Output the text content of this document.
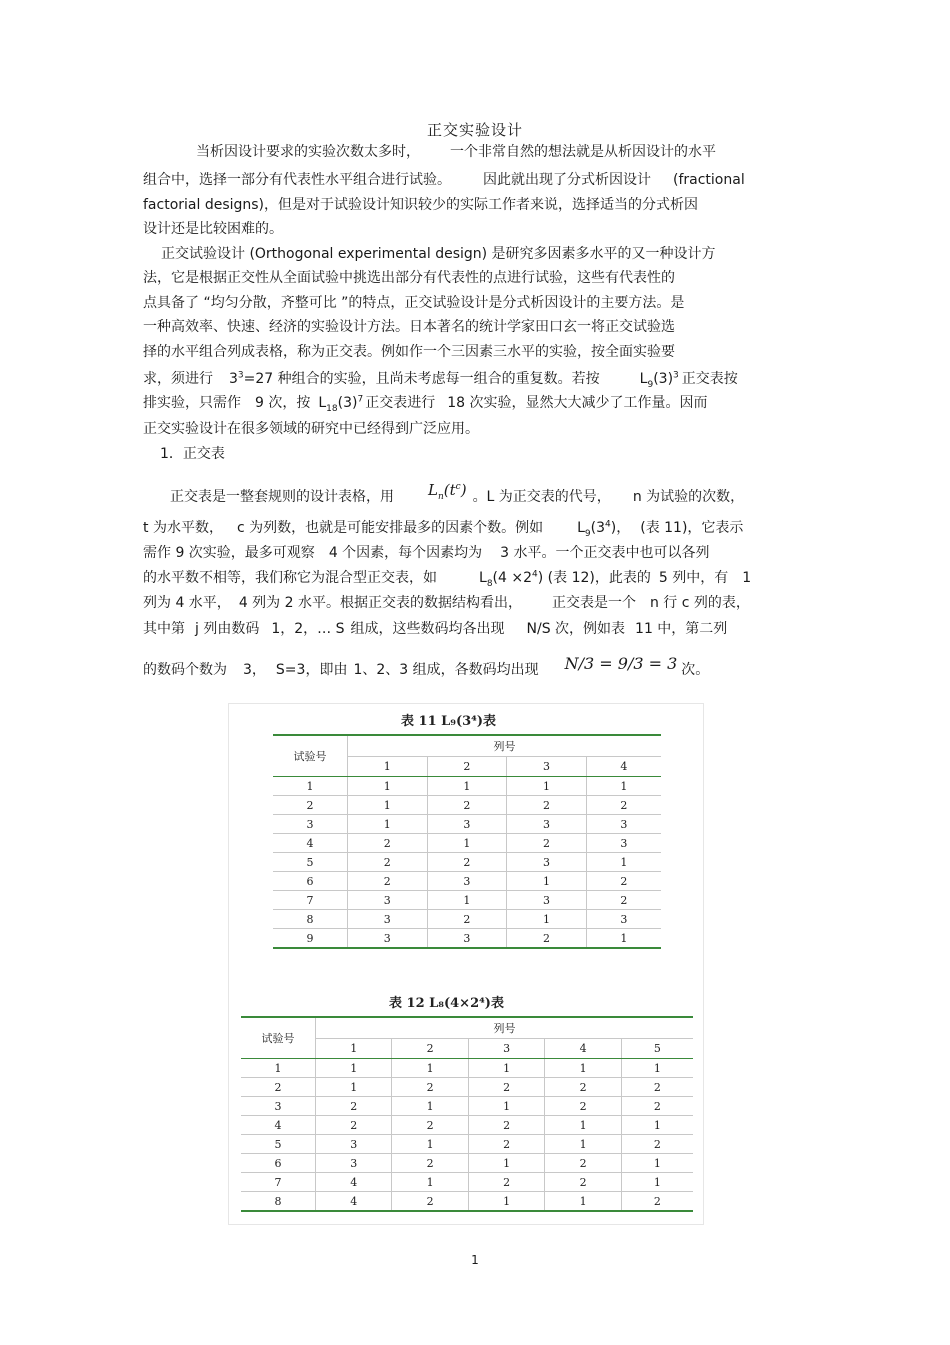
正交实验设计
当析因设计要求的实验次数太多时， 一个非常自然的想法就是从析因设计的水平
组合中，选择一部分有代表性水平组合进行试验。 因此就出现了分式析因设计 (fractional
factorial designs)，但是对于试验设计知识较少的实际工作者来说，选择适当的分式析因
设计还是比较困难的。
正交试验设计 (Orthogonal experimental design) 是研究多因素多水平的又一种设计方
法，它是根据正交性从全面试验中挑选出部分有代表性的点进行试验，这些有代表性的
点具备了 “均匀分散，齐整可比 ”的特点，正交试验设计是分式析因设计的主要方法。是
一种高效率、快速、经济的实验设计方法。日本著名的统计学家田口玄一将正交试验选
择的水平组合列成表格，称为正交表。例如作一个三因素三水平的实验，按全面实验要
求，须进行 $3^3=27$ 种组合的实验，且尚未考虑每一组合的重复数。若按	$L_9(3)^3$ 正交表按
排实验，只需作 9 次，按 $L_{18}(3)^7$ 正交表进行 18 次实验，显然大大减少了工作量。因而
正交实验设计在很多领域的研究中已经得到广泛应用。
1．正交表
正交表是一整套规则的设计表格，用 $L_n(t^c)$ 。L 为正交表的代号， n 为试验的次数，
t 为水平数， c 为列数，也就是可能安排最多的因素个数。例如 $L_9(3^4)$， (表 11)，它表示
需作 9 次实验，最多可观察 4 个因素，每个因素均为 3 水平。一个正交表中也可以各列
的水平数不相等，我们称它为混合型正交表，如	$L_8(4 \times 2^4)$ (表 12)，此表的 5 列中，有 1
列为 4 水平， 4 列为 2 水平。根据正交表的数据结构看出， 正交表是一个 n 行 c 列的表，
其中第 j 列由数码 1，2，… S 组成，这些数码均各出现 N/S 次，例如表 11 中，第二列
的数码个数为 3， S=3，即由 1、2、3 组成，各数码均出现 N/3 = 9/3 = 3 次。
表 11 L₉(3⁴)表
试验号	列号			
	1	2	3	4
1	1	1	1	1
2	1	2	2	2
3	1	3	3	3
4	2	1	2	3
5	2	2	3	1
6	2	3	1	2
7	3	1	3	2
8	3	2	1	3
9	3	3	2	1
表 12 L₈(4×2⁴)表
试验号	列号				
	1	2	3	4	5
1	1	1	1	1	1
2	1	2	2	2	2
3	2	1	1	2	2
4	2	2	2	1	1
5	3	1	2	1	2
6	3	2	1	2	1
7	4	1	2	2	1
8	4	2	1	1	2
1
